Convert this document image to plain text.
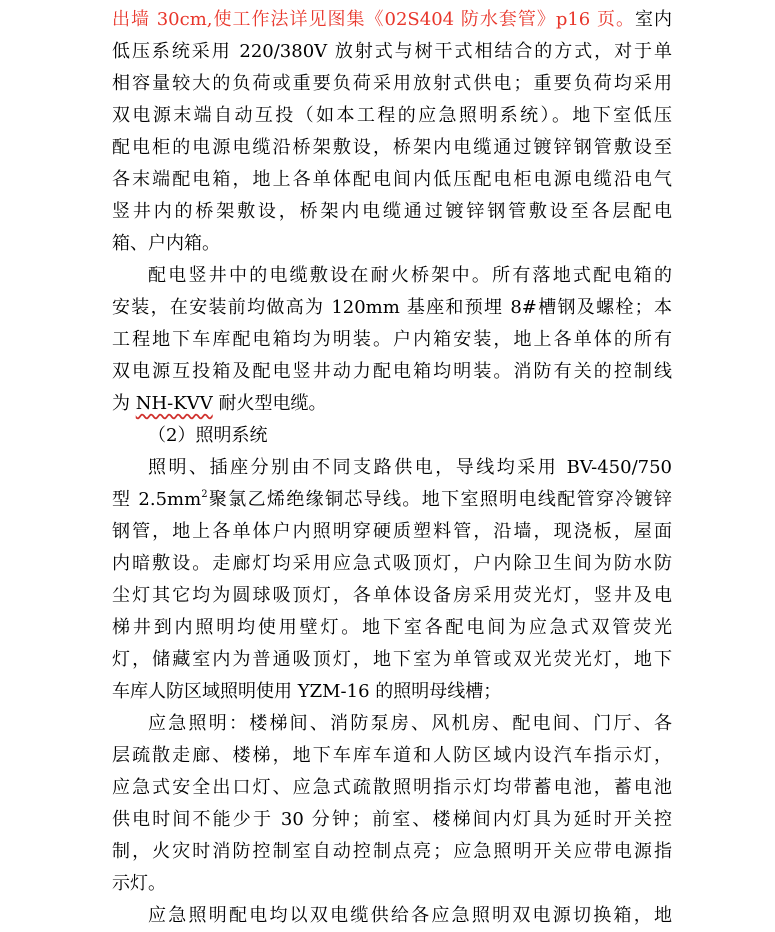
出墙 30cm,使工作法详见图集《02S404 防水套管》p16 页。室内
低压系统采用 220/380V 放射式与树干式相结合的方式，对于单
相容量较大的负荷或重要负荷采用放射式供电；重要负荷均采用
双电源末端自动互投（如本工程的应急照明系统）。地下室低压
配电柜的电源电缆沿桥架敷设，桥架内电缆通过镀锌钢管敷设至
各末端配电箱，地上各单体配电间内低压配电柜电源电缆沿电气
竖井内的桥架敷设，桥架内电缆通过镀锌钢管敷设至各层配电
箱、户内箱。
配电竖井中的电缆敷设在耐火桥架中。所有落地式配电箱的
安装，在安装前均做高为 120mm 基座和预埋 8#槽钢及螺栓；本
工程地下车库配电箱均为明装。户内箱安装，地上各单体的所有
双电源互投箱及配电竖井动力配电箱均明装。消防有关的控制线
为 NH-KVV 耐火型电缆。
（2）照明系统
照明、插座分别由不同支路供电，导线均采用 BV-450/750
型 $2.5mm^2$聚氯乙烯绝缘铜芯导线。地下室照明电线配管穿冷镀锌
钢管，地上各单体户内照明穿硬质塑料管，沿墙，现浇板，屋面
内暗敷设。走廊灯均采用应急式吸顶灯，户内除卫生间为防水防
尘灯其它均为圆球吸顶灯，各单体设备房采用荧光灯，竖井及电
梯井到内照明均使用壁灯。地下室各配电间为应急式双管荧光
灯，储藏室内为普通吸顶灯，地下室为单管或双光荧光灯，地下
车库人防区域照明使用 YZM-16 的照明母线槽；
应急照明：楼梯间、消防泵房、风机房、配电间、门厅、各
层疏散走廊、楼梯，地下车库车道和人防区域内设汽车指示灯，
应急式安全出口灯、应急式疏散照明指示灯均带蓄电池，蓄电池
供电时间不能少于 30 分钟；前室、楼梯间内灯具为延时开关控
制，火灾时消防控制室自动控制点亮；应急照明开关应带电源指
示灯。
应急照明配电均以双电缆供给各应急照明双电源切换箱，地
